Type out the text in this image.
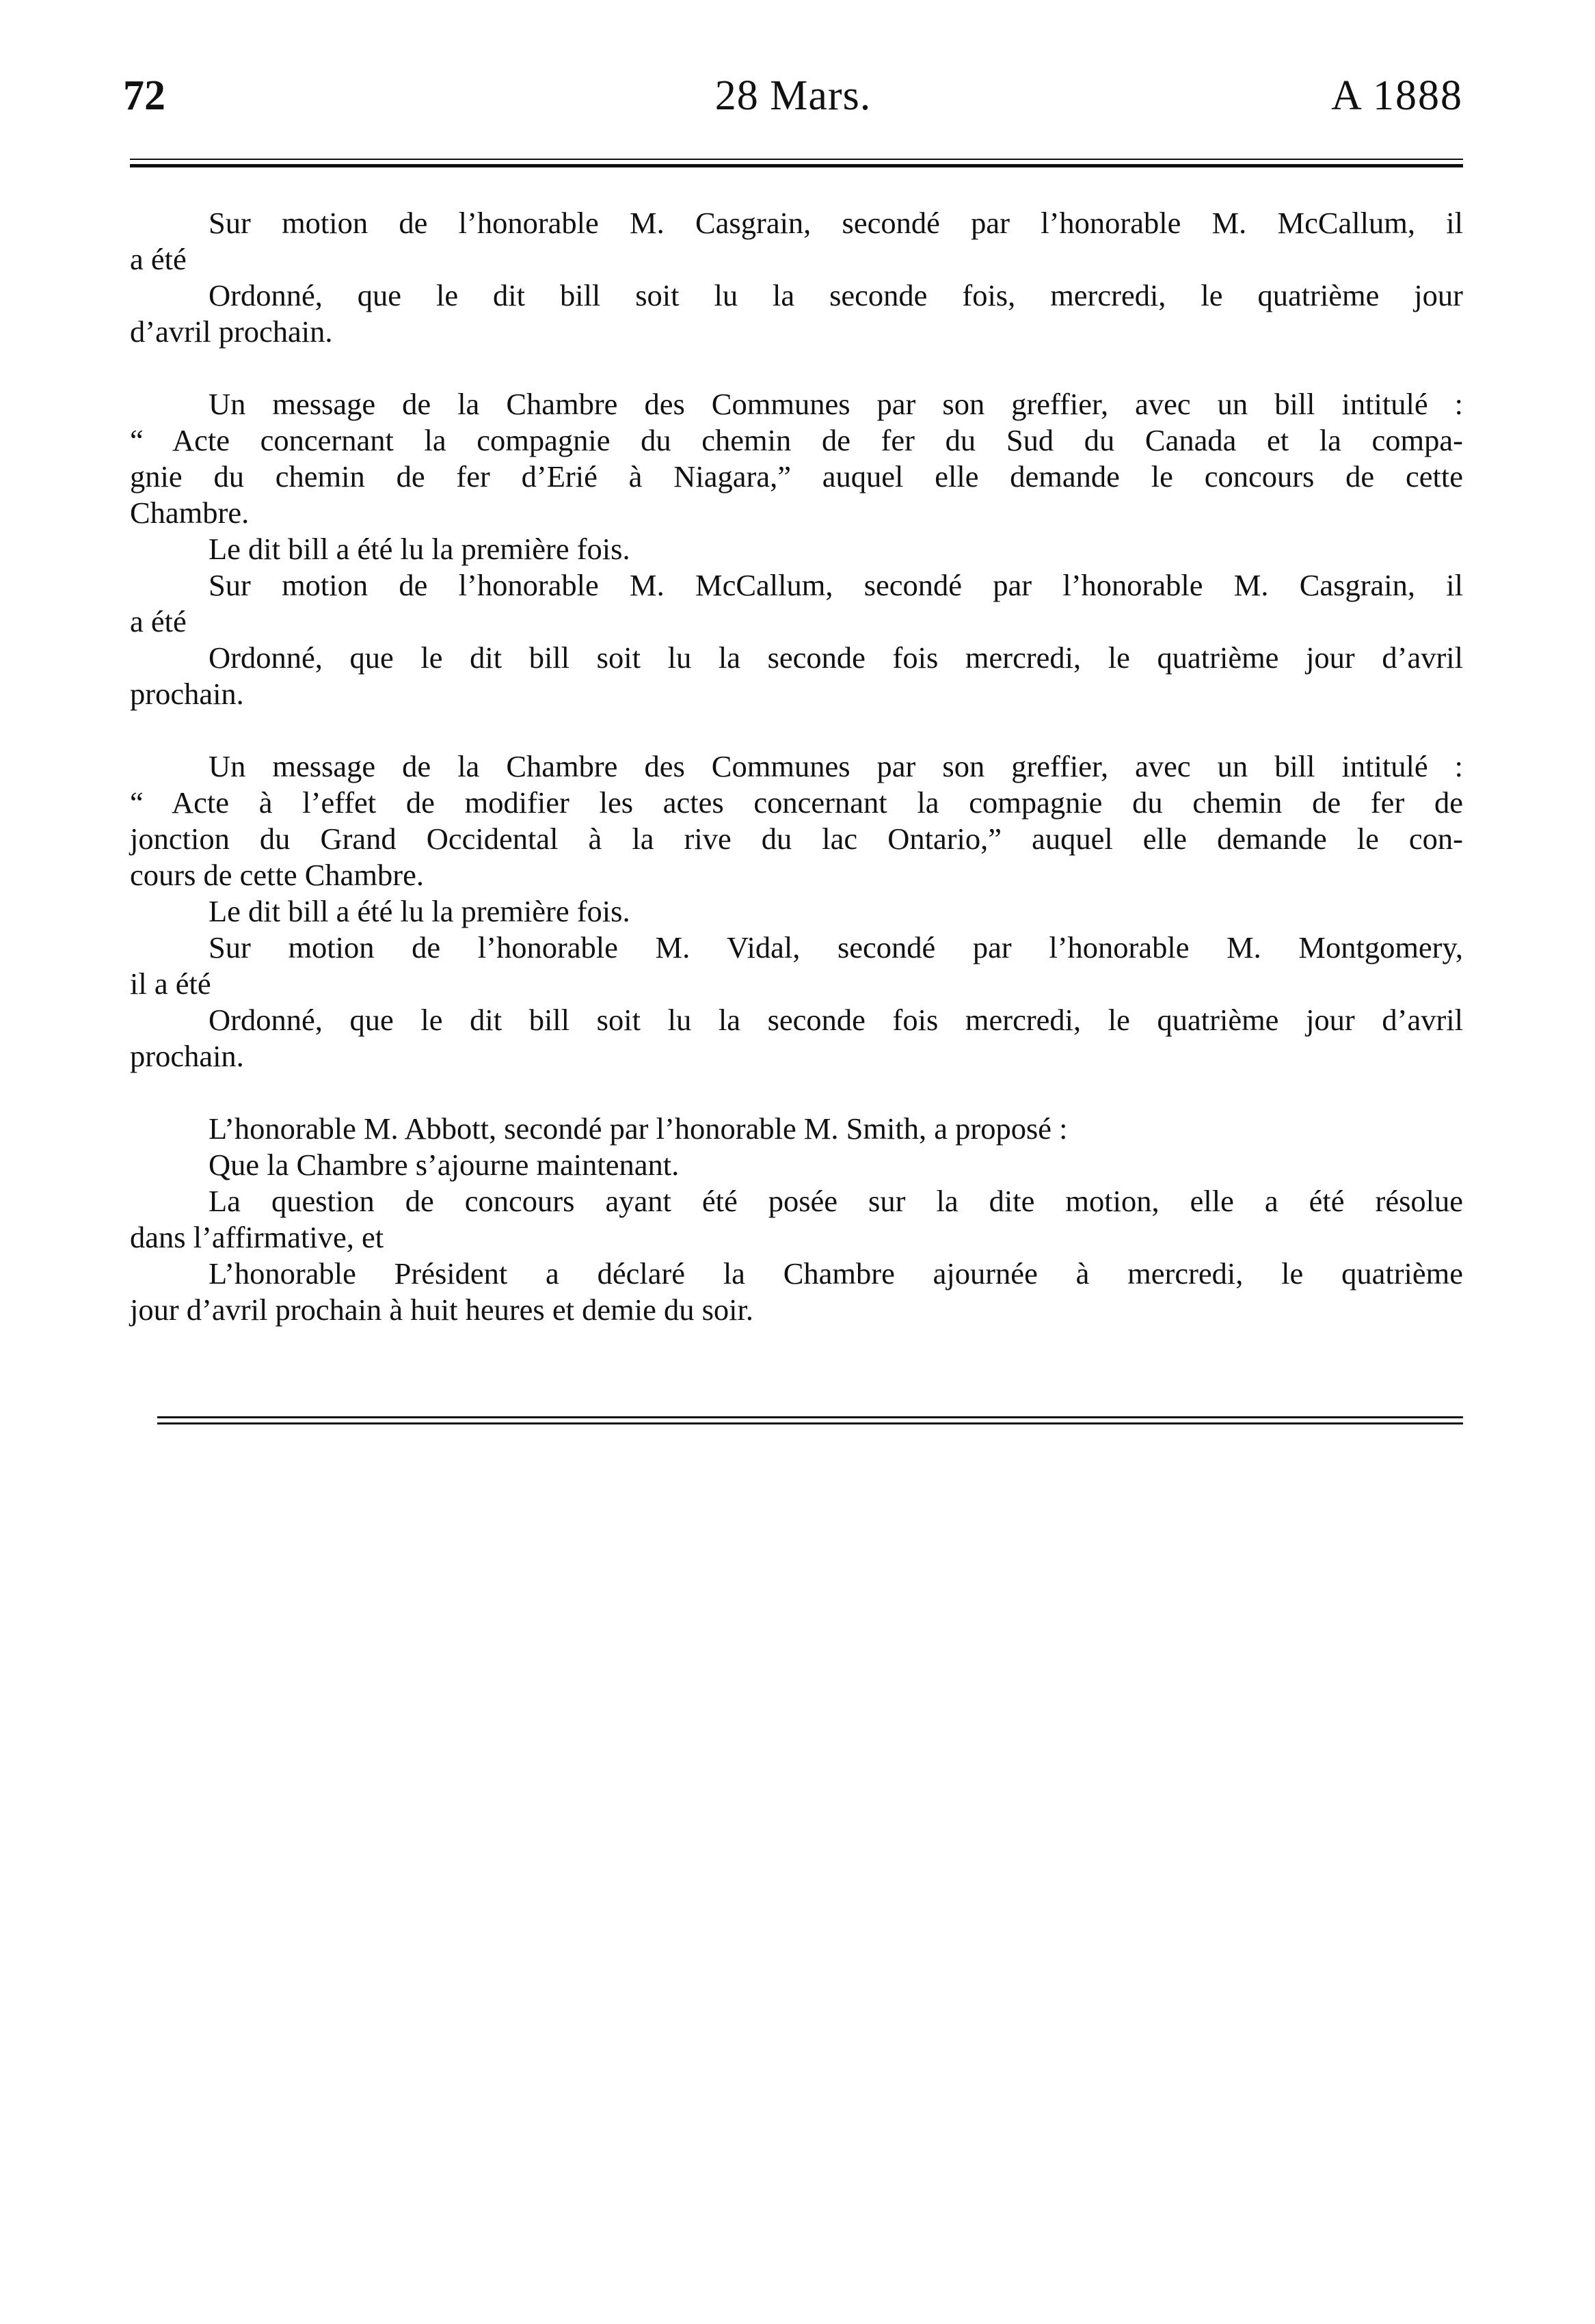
72	28 Mars.	A 1888
Sur motion de l’honorable M. Casgrain, secondé par l’honorable M. McCallum, il
a été
Ordonné, que le dit bill soit lu la seconde fois, mercredi, le quatrième jour
d’avril prochain.
Un message de la Chambre des Communes par son greffier, avec un bill intitulé :
“ Acte concernant la compagnie du chemin de fer du Sud du Canada et la compa-
gnie du chemin de fer d’Erié à Niagara,” auquel elle demande le concours de cette
Chambre.
Le dit bill a été lu la première fois.
Sur motion de l’honorable M. McCallum, secondé par l’honorable M. Casgrain, il
a été
Ordonné, que le dit bill soit lu la seconde fois mercredi, le quatrième jour d’avril
prochain.
Un message de la Chambre des Communes par son greffier, avec un bill intitulé :
“ Acte à l’effet de modifier les actes concernant la compagnie du chemin de fer de
jonction du Grand Occidental à la rive du lac Ontario,” auquel elle demande le con-
cours de cette Chambre.
Le dit bill a été lu la première fois.
Sur motion de l’honorable M. Vidal, secondé par l’honorable M. Montgomery,
il a été
Ordonné, que le dit bill soit lu la seconde fois mercredi, le quatrième jour d’avril
prochain.
L’honorable M. Abbott, secondé par l’honorable M. Smith, a proposé :
Que la Chambre s’ajourne maintenant.
La question de concours ayant été posée sur la dite motion, elle a été résolue
dans l’affirmative, et
L’honorable Président a déclaré la Chambre ajournée à mercredi, le quatrième
jour d’avril prochain à huit heures et demie du soir.
